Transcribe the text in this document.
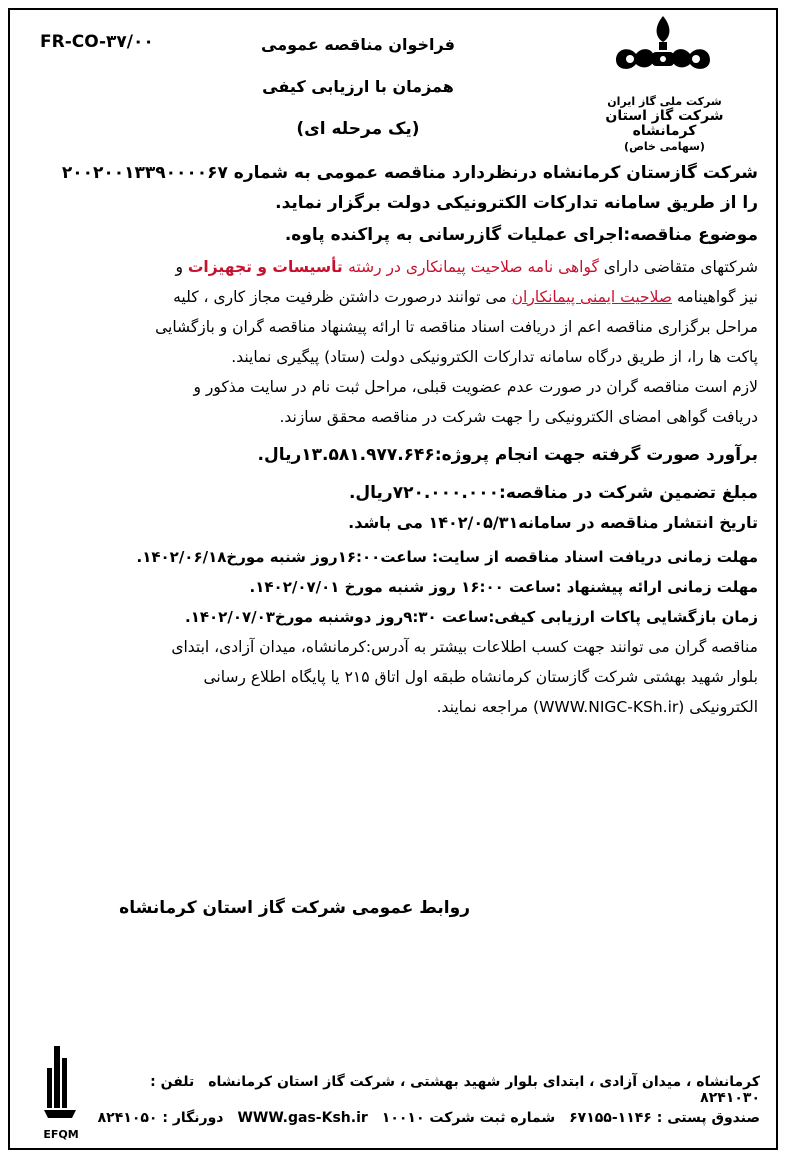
FR-CO-۳۷/۰۰
شرکت ملی گاز ایران
شرکت گاز استان کرمانشاه
(سهامی خاص)
فراخوان مناقصه عمومی
همزمان با ارزیابی کیفی
(یک مرحله ای)

شرکت گازستان کرمانشاه درنظردارد مناقصه عمومی به شماره ۲۰۰۲۰۰۱۳۳۹۰۰۰۰۶۷

را از طریق سامانه تدارکات الکترونیکی دولت برگزار نماید.

موضوع مناقصه:اجرای عملیات گازرسانی به پراکنده پاوه.

شرکتهای متقاضی دارای گواهی نامه صلاحیت پیمانکاری در رشته تأسیسات و تجهیزات و

نیز گواهینامه صلاحیت ایمنی پیمانکاران می توانند درصورت داشتن ظرفیت مجاز کاری ، کلیه

مراحل برگزاری مناقصه اعم از دریافت اسناد مناقصه تا ارائه پیشنهاد مناقصه گران و بازگشایی

پاکت ها را، از طریق درگاه سامانه تدارکات الکترونیکی دولت (ستاد) پیگیری نمایند.

لازم است مناقصه گران در صورت عدم عضویت قبلی، مراحل ثبت نام در سایت مذکور و

دریافت گواهی امضای الکترونیکی را جهت شرکت در مناقصه محقق سازند.

برآورد صورت گرفته جهت انجام پروژه:۱۳.۵۸۱.۹۷۷.۶۴۶ریال.

مبلغ تضمین شرکت در مناقصه:۷۲۰.۰۰۰.۰۰۰ریال.

تاریخ انتشار مناقصه در سامانه۱۴۰۲/۰۵/۳۱ می باشد.

مهلت زمانی دریافت اسناد مناقصه از سایت: ساعت۱۶:۰۰روز شنبه مورخ۱۴۰۲/۰۶/۱۸.

مهلت زمانی ارائه پیشنهاد :ساعت ۱۶:۰۰ روز شنبه مورخ ۱۴۰۲/۰۷/۰۱.

زمان بازگشایی پاکات ارزیابی کیفی:ساعت ۹:۳۰روز دوشنبه مورخ۱۴۰۲/۰۷/۰۳.

مناقصه گران می توانند جهت کسب اطلاعات بیشتر به آدرس:کرمانشاه، میدان آزادی، ابتدای

بلوار شهید بهشتی شرکت گازستان کرمانشاه طبقه اول اتاق ۲۱۵ یا پایگاه اطلاع رسانی

الکترونیکی (WWW.NIGC-KSh.ir) مراجعه نمایند.

روابط عمومی شرکت گاز استان کرمانشاه
EFQM
کرمانشاه ، میدان آزادی ، ابتدای بلوار شهید بهشتی ، شرکت گاز استان کرمانشاهتلفن : ۸۲۴۱۰۳۰
صندوق پستی : ۱۱۴۶-۶۷۱۵۵شماره ثبت شرکت ۱۰۰۱۰WWW.gas-Ksh.irدورنگار : ۸۲۴۱۰۵۰
